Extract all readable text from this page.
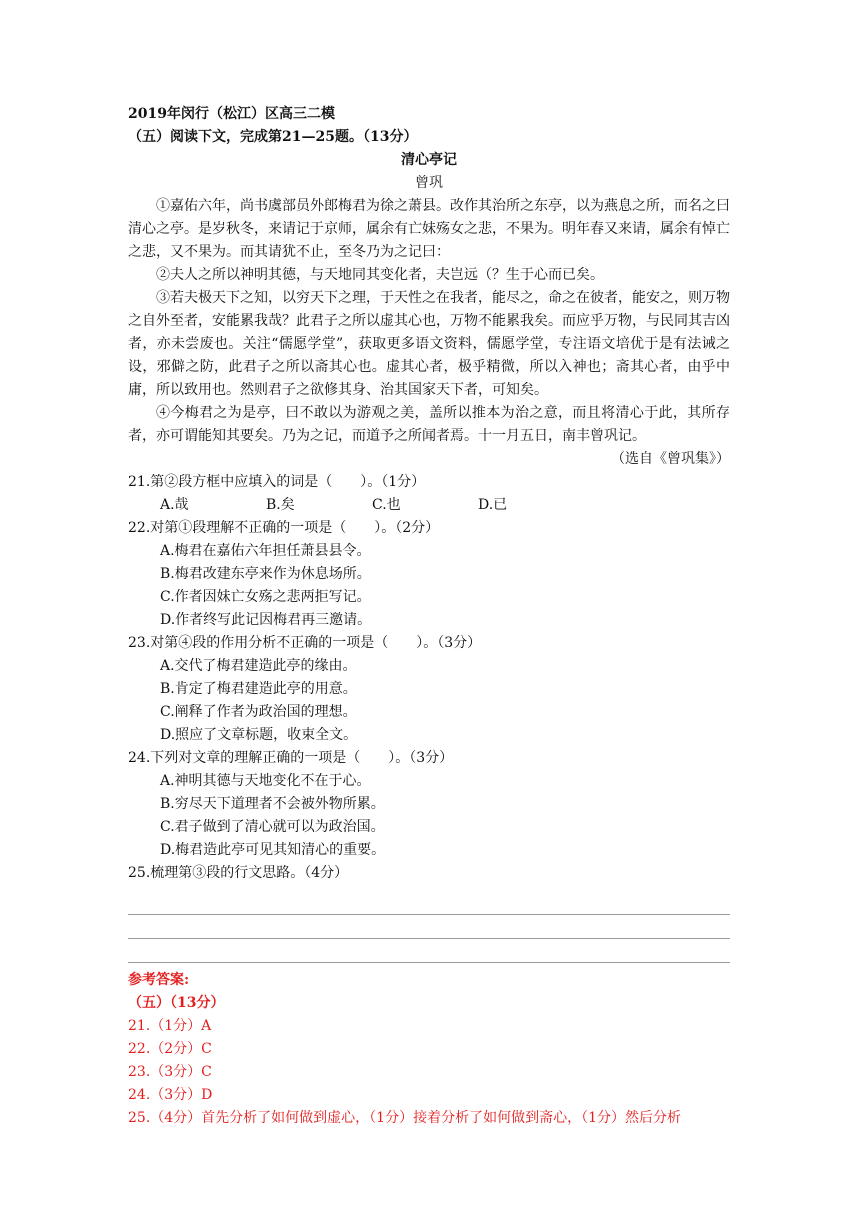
2019年闵行（松江）区高三二模
（五）阅读下文，完成第21—25题。（13分）
清心亭记
曾巩
①嘉佑六年，尚书虞部员外郎梅君为徐之萧县。改作其治所之东亭，以为燕息之所，而名之曰清心之亭。是岁秋冬，来请记于京师，属余有亡妹殇女之悲，不果为。明年春又来请，属余有悼亡之悲，又不果为。而其请犹不止，至冬乃为之记曰：
②夫人之所以神明其德，与天地同其变化者，夫岂远（？生于心而已矣。
③若夫极天下之知，以穷天下之理，于天性之在我者，能尽之，命之在彼者，能安之，则万物之自外至者，安能累我哉？此君子之所以虚其心也，万物不能累我矣。而应乎万物，与民同其吉凶者，亦未尝废也。关注“儒愿学堂”，获取更多语文资料，儒愿学堂，专注语文培优于是有法诫之设，邪僻之防，此君子之所以斋其心也。虚其心者，极乎精微，所以入神也；斋其心者，由乎中庸，所以致用也。然则君子之欲修其身、治其国家天下者，可知矣。
④今梅君之为是亭，曰不敢以为游观之美，盖所以推本为治之意，而且将清心于此，其所存者，亦可谓能知其要矣。乃为之记，而道予之所闻者焉。十一月五日，南丰曾巩记。
（选自《曾巩集》）
21.第②段方框中应填入的词是（　　）。（1分）
A.哉	B.矣	C.也	D.已
22.对第①段理解不正确的一项是（　　）。（2分）
A.梅君在嘉佑六年担任萧县县令。
B.梅君改建东亭来作为休息场所。
C.作者因妹亡女殇之悲两拒写记。
D.作者终写此记因梅君再三邀请。
23.对第④段的作用分析不正确的一项是（　　）。（3分）
A.交代了梅君建造此亭的缘由。
B.肯定了梅君建造此亭的用意。
C.阐释了作者为政治国的理想。
D.照应了文章标题，收束全文。
24.下列对文章的理解正确的一项是（　　）。（3分）
A.神明其德与天地变化不在于心。
B.穷尽天下道理者不会被外物所累。
C.君子做到了清心就可以为政治国。
D.梅君造此亭可见其知清心的重要。
25.梳理第③段的行文思路。（4分）
参考答案:
（五）（13分）
21.（1分）A
22.（2分）C
23.（3分）C
24.（3分）D
25.（4分）首先分析了如何做到虚心，（1分）接着分析了如何做到斋心，（1分）然后分析
